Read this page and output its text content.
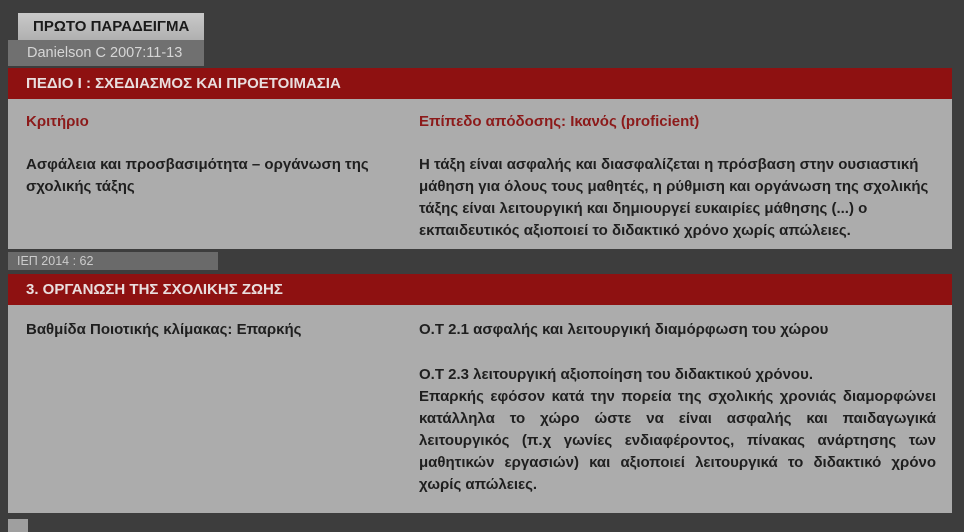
ΠΡΩΤΟ ΠΑΡΑΔΕΙΓΜΑ
Danielson C 2007:11-13
ΠΕΔΙΟ Ι : ΣΧΕΔΙΑΣΜΟΣ ΚΑΙ ΠΡΟΕΤΟΙΜΑΣΙΑ
Κριτήριο

Ασφάλεια και προσβασιμότητα – οργάνωση της σχολικής τάξης

Επίπεδο απόδοσης: Ικανός (proficient)

Η τάξη είναι ασφαλής και διασφαλίζεται η πρόσβαση στην ουσιαστική μάθηση για όλους τους μαθητές, η ρύθμιση και οργάνωση της σχολικής τάξης είναι λειτουργική και δημιουργεί ευκαιρίες μάθησης (...) ο εκπαιδευτικός αξιοποιεί το διδακτικό χρόνο χωρίς απώλειες.

ΙΕΠ 2014 : 62
3. ΟΡΓΑΝΩΣΗ ΤΗΣ ΣΧΟΛΙΚΗΣ ΖΩΗΣ

Βαθμίδα Ποιοτικής κλίμακας: Επαρκής	Ο.Τ 2.1 ασφαλής και λειτουργική διαμόρφωση του χώρου

Ο.Τ 2.3 λειτουργική αξιοποίηση του διδακτικού χρόνου.

Επαρκής εφόσον κατά την πορεία της σχολικής χρονιάς διαμορφώνει κατάλληλα το χώρο ώστε να είναι ασφαλής και παιδαγωγικά λειτουργικός (π.χ γωνίες ενδιαφέροντος, πίνακας ανάρτησης των μαθητικών εργασιών) και αξιοποιεί λειτουργικά το διδακτικό χρόνο χωρίς απώλειες.
